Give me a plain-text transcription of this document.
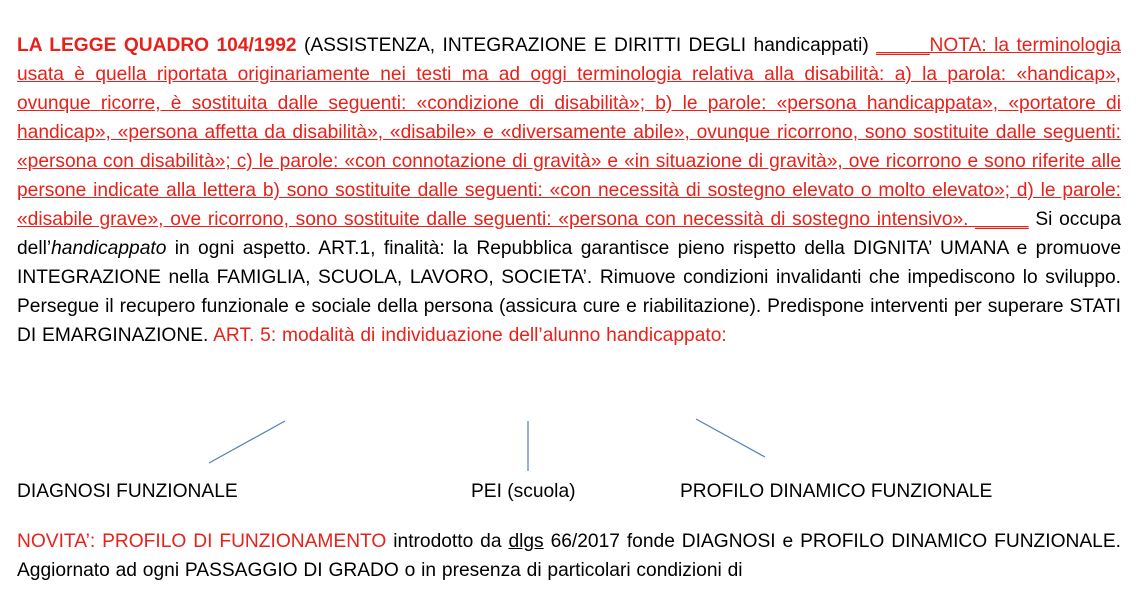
LA LEGGE QUADRO 104/1992 (ASSISTENZA, INTEGRAZIONE E DIRITTI DEGLI handicappati) _____NOTA: la terminologia usata è quella riportata originariamente nei testi ma ad oggi terminologia relativa alla disabilità: a) la parola: «handicap», ovunque ricorre, è sostituita dalle seguenti: «condizione di disabilità»; b) le parole: «persona handicappata», «portatore di handicap», «persona affetta da disabilità», «disabile» e «diversamente abile», ovunque ricorrono, sono sostituite dalle seguenti: «persona con disabilità»; c) le parole: «con connotazione di gravità» e «in situazione di gravità», ove ricorrono e sono riferite alle persone indicate alla lettera b) sono sostituite dalle seguenti: «con necessità di sostegno elevato o molto elevato»; d) le parole: «disabile grave», ove ricorrono, sono sostituite dalle seguenti: «persona con necessità di sostegno intensivo». _____ Si occupa dell’handicappato in ogni aspetto. ART.1, finalità: la Repubblica garantisce pieno rispetto della DIGNITA’ UMANA e promuove INTEGRAZIONE nella FAMIGLIA, SCUOLA, LAVORO, SOCIETA’. Rimuove condizioni invalidanti che impediscono lo sviluppo. Persegue il recupero funzionale e sociale della persona (assicura cure e riabilitazione). Predispone interventi per superare STATI DI EMARGINAZIONE. ART. 5: modalità di individuazione dell’alunno handicappato:

DIAGNOSI FUNZIONALE	PEI (scuola)	PROFILO DINAMICO FUNZIONALE

NOVITA’: PROFILO DI FUNZIONAMENTO introdotto da dlgs 66/2017 fonde DIAGNOSI e PROFILO DINAMICO FUNZIONALE. Aggiornato ad ogni PASSAGGIO DI GRADO o in presenza di particolari condizioni di
